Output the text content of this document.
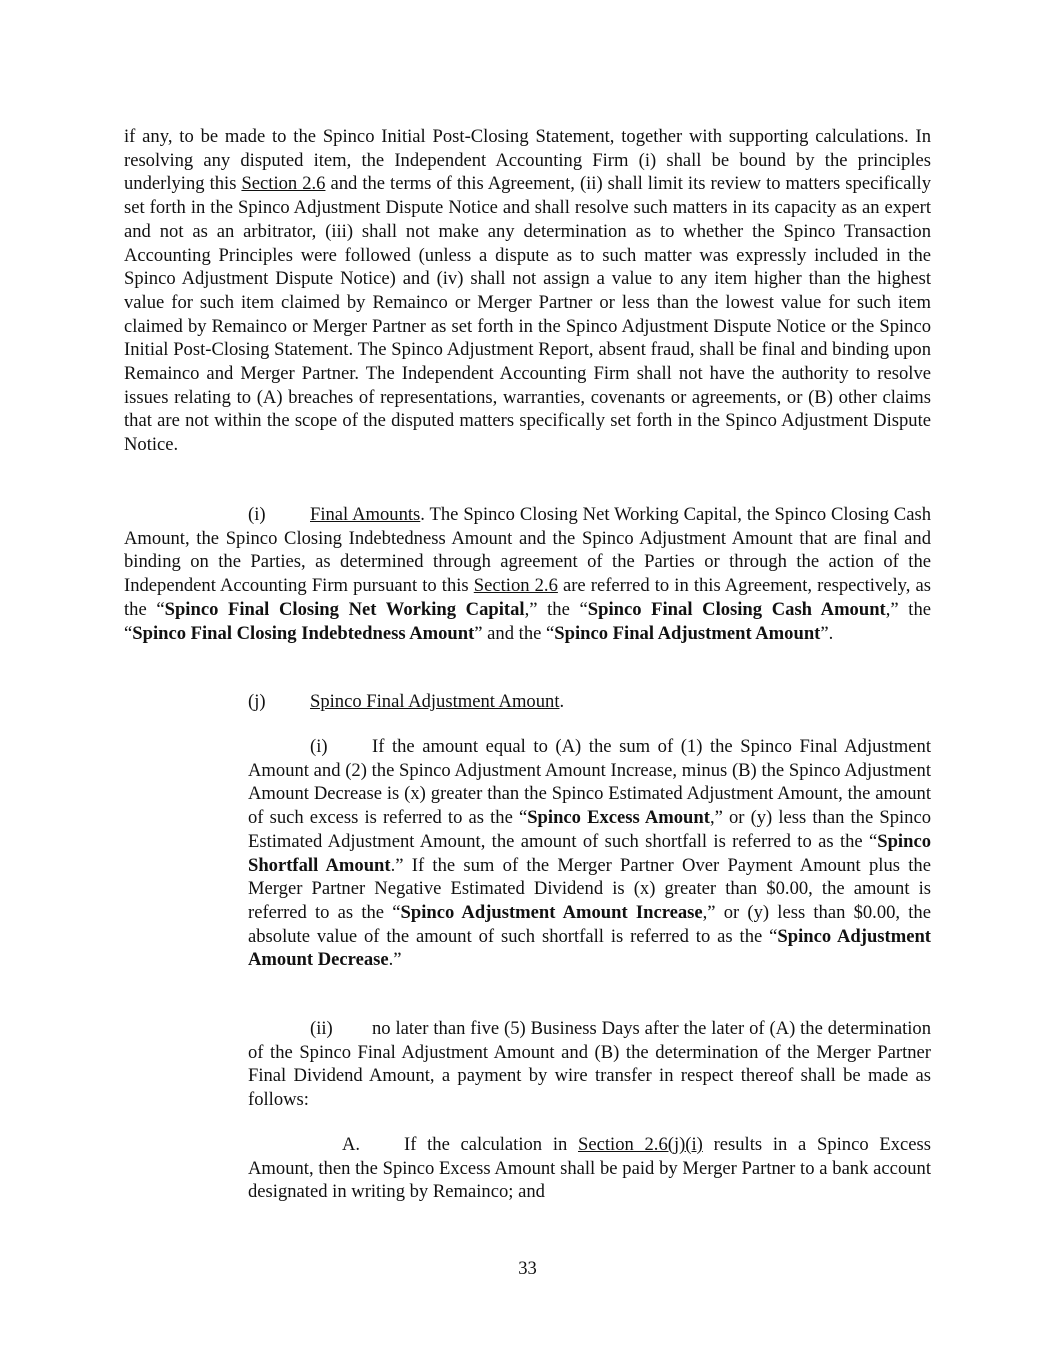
if any, to be made to the Spinco Initial Post-Closing Statement, together with supporting calculations. In resolving any disputed item, the Independent Accounting Firm (i) shall be bound by the principles underlying this Section 2.6 and the terms of this Agreement, (ii) shall limit its review to matters specifically set forth in the Spinco Adjustment Dispute Notice and shall resolve such matters in its capacity as an expert and not as an arbitrator, (iii) shall not make any determination as to whether the Spinco Transaction Accounting Principles were followed (unless a dispute as to such matter was expressly included in the Spinco Adjustment Dispute Notice) and (iv) shall not assign a value to any item higher than the highest value for such item claimed by Remainco or Merger Partner or less than the lowest value for such item claimed by Remainco or Merger Partner as set forth in the Spinco Adjustment Dispute Notice or the Spinco Initial Post-Closing Statement. The Spinco Adjustment Report, absent fraud, shall be final and binding upon Remainco and Merger Partner. The Independent Accounting Firm shall not have the authority to resolve issues relating to (A) breaches of representations, warranties, covenants or agreements, or (B) other claims that are not within the scope of the disputed matters specifically set forth in the Spinco Adjustment Dispute Notice.

(i) Final Amounts. The Spinco Closing Net Working Capital, the Spinco Closing Cash Amount, the Spinco Closing Indebtedness Amount and the Spinco Adjustment Amount that are final and binding on the Parties, as determined through agreement of the Parties or through the action of the Independent Accounting Firm pursuant to this Section 2.6 are referred to in this Agreement, respectively, as the “Spinco Final Closing Net Working Capital,” the “Spinco Final Closing Cash Amount,” the “Spinco Final Closing Indebtedness Amount” and the “Spinco Final Adjustment Amount”.

(j) Spinco Final Adjustment Amount.

(i) If the amount equal to (A) the sum of (1) the Spinco Final Adjustment Amount and (2) the Spinco Adjustment Amount Increase, minus (B) the Spinco Adjustment Amount Decrease is (x) greater than the Spinco Estimated Adjustment Amount, the amount of such excess is referred to as the “Spinco Excess Amount,” or (y) less than the Spinco Estimated Adjustment Amount, the amount of such shortfall is referred to as the “Spinco Shortfall Amount.” If the sum of the Merger Partner Over Payment Amount plus the Merger Partner Negative Estimated Dividend is (x) greater than $0.00, the amount is referred to as the “Spinco Adjustment Amount Increase,” or (y) less than $0.00, the absolute value of the amount of such shortfall is referred to as the “Spinco Adjustment Amount Decrease.”

(ii) no later than five (5) Business Days after the later of (A) the determination of the Spinco Final Adjustment Amount and (B) the determination of the Merger Partner Final Dividend Amount, a payment by wire transfer in respect thereof shall be made as follows:

A. If the calculation in Section 2.6(j)(i) results in a Spinco Excess Amount, then the Spinco Excess Amount shall be paid by Merger Partner to a bank account designated in writing by Remainco; and

33
